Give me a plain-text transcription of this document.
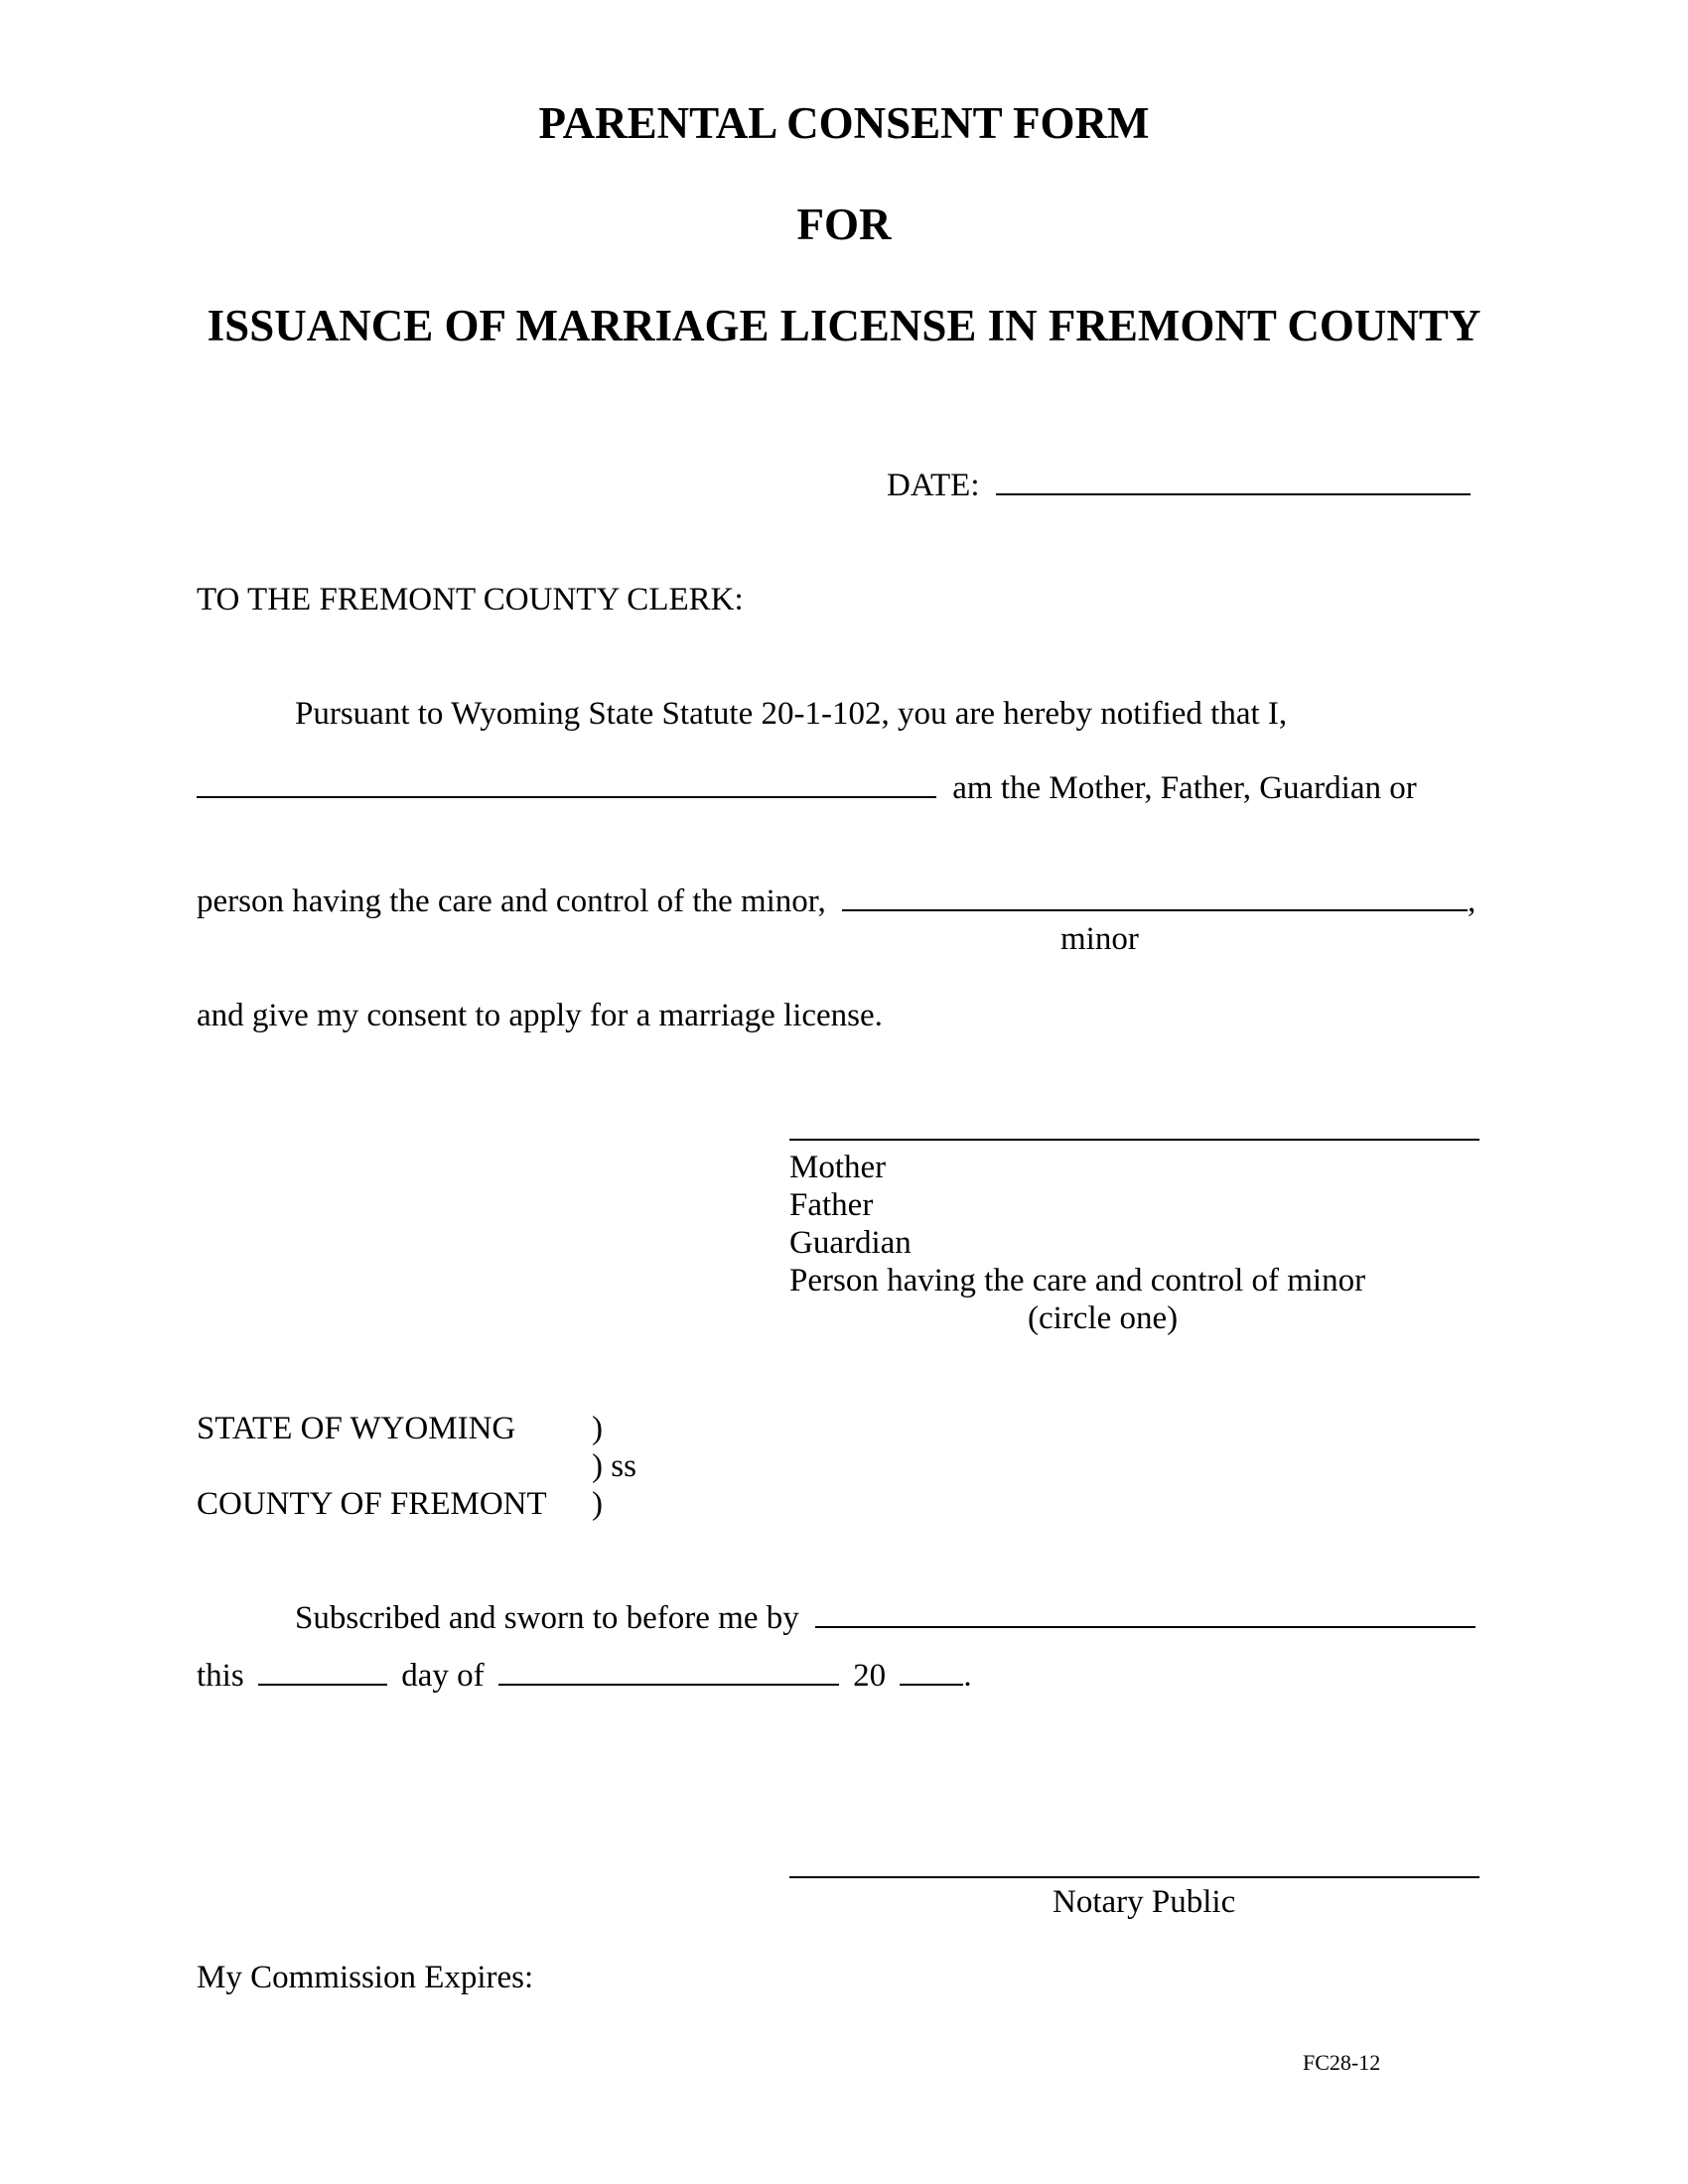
PARENTAL CONSENT FORM
FOR
ISSUANCE OF MARRIAGE LICENSE IN FREMONT COUNTY
DATE:
TO THE FREMONT COUNTY CLERK:
Pursuant to Wyoming State Statute 20-1-102, you are hereby notified that I,
am the Mother, Father, Guardian or
person having the care and control of the minor,	,
minor
and give my consent to apply for a marriage license.
Mother
Father
Guardian
Person having the care and control of minor
(circle one)
STATE OF WYOMING )
) ss
COUNTY OF FREMONT )
Subscribed and sworn to before me by
this	day of	20 .
Notary Public
My Commission Expires:
FC28-12
